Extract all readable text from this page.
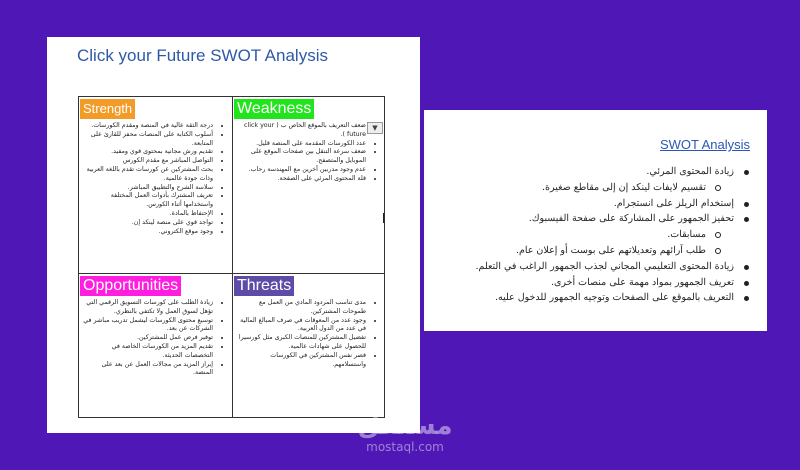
Click your Future SWOT Analysis
Strength
• درجة الثقة عالية في المنصة ومقدم الكورسات.
• أسلوب الكتابة على المنصات محفز للقارئ على المتابعة.
• تقديم ورش مجانية بمحتوى قوي ومفيد.
• التواصل المباشر مع مقدم الكورس
• بحث المشتركين عن كورسات تقدم باللغة العربية وذات جودة عالمية.
• سلاسة الشرح والتطبيق المباشر.
• تعريف المشترك بأدوات العمل المختلفة واستخدامها أثناء الكورس.
• الإحتفاظ بالمادة.
• تواجد قوي على منصة لينكد إن.
• وجود موقع الكتروني.
Weakness
• ضعف التعريف بالموقع الخاص ب ( click your future ).
• عدد الكورسات المقدمة على المنصة قليل.
• ضعف سرعة التنقل بين صفحات الموقع على الموبايل والمتصفح.
• عدم وجود مدربين آخرين مع المهندسة رحاب.
• قلة المحتوى المرئي على الصفحة.
▼
Opportunities
• زيادة الطلب على كورسات التسويق الرقمي التي تؤهل لسوق العمل ولا تكتفي بالنظري.
• توسيع محتوى الكورسات ليشمل تدريب مباشر في الشركات عن بعد.
• توفير فرص عمل للمشتركين.
• تقديم المزيد من الكورسات الخاصة في التخصصات الحديثة.
• إبراز المزيد من مجالات العمل عن بعد على المنصة.
Threats
• مدى تناسب المردود المادي من العمل مع طموحات المشتركين.
• وجود عدد من المعوقات في صرف المبالغ المالية في عدد من الدول العربية.
• تفضيل المشتركين للمنصات الكبرى مثل كورسيرا للحصول على شهادات عالمية.
• قصر نفس المشتركين في الكورسات واستسلامهم.
SWOT Analysis
زيادة المحتوى المرئي.
تقسيم لايفات لينكد إن إلى مقاطع صغيرة.
إستخدام الريلز على انستجرام.
تحفيز الجمهور على المشاركة على صفحة الفيسبوك.
مسابقات.
طلب آرائهم وتعديلاتهم على بوست أو إعلان عام.
زيادة المحتوى التعليمي المجاني لجذب الجمهور الراغب في التعلم.
تعريف الجمهور بمواد مهمة على منصات أخرى.
التعريف بالموقع على الصفحات وتوجيه الجمهور للدخول عليه.
مستقل
mostaql.com
